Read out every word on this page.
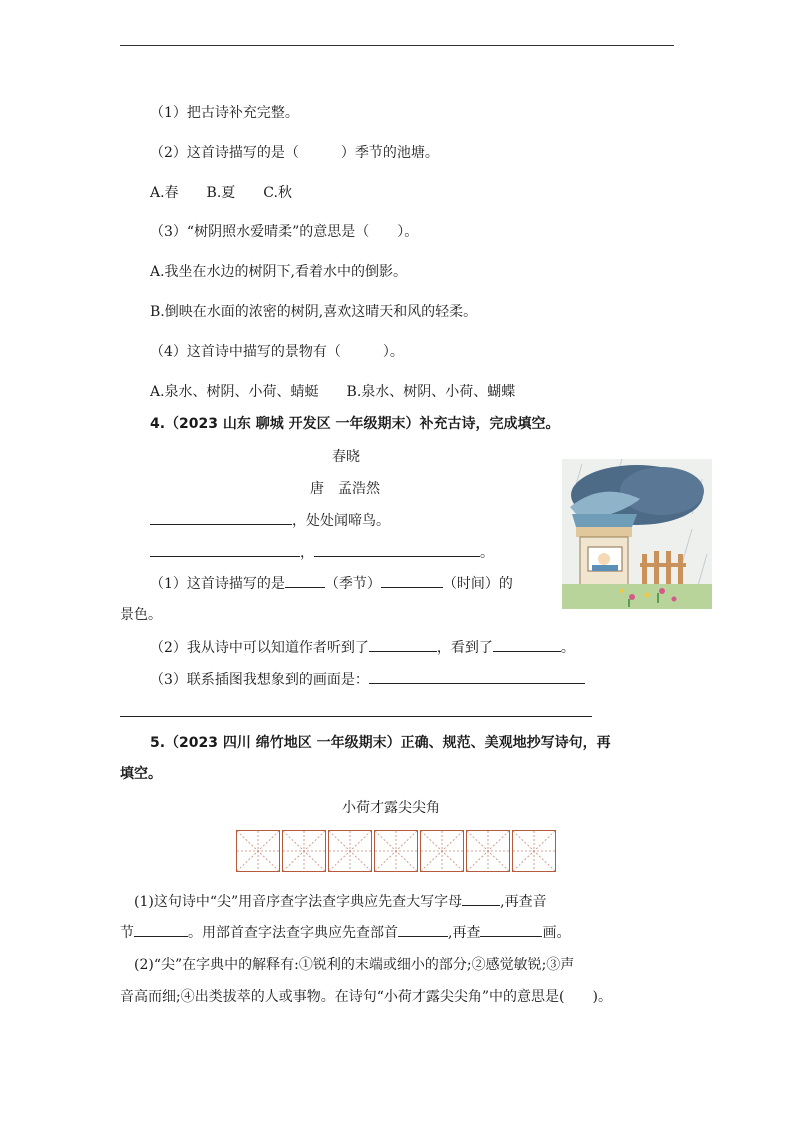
（1）把古诗补充完整。
（2）这首诗描写的是（　　　）季节的池塘。
A.春　　B.夏　　C.秋
（3）“树阴照水爱晴柔”的意思是（　　）。
A.我坐在水边的树阴下,看着水中的倒影。
B.倒映在水面的浓密的树阴,喜欢这晴天和风的轻柔。
（4）这首诗中描写的景物有（　　　）。
A.泉水、树阴、小荷、蜻蜓　　B.泉水、树阴、小荷、蝴蝶
4.（2023 山东 聊城 开发区 一年级期末）补充古诗，完成填空。
春晓
唐　孟浩然
，处处闻啼鸟。
，	。
（1）这首诗描写的是	（季节）	（时间）的
景色。
（2）我从诗中可以知道作者听到了	，看到了	。
（3）联系插图我想象到的画面是：
5.（2023 四川 绵竹地区 一年级期末）正确、规范、美观地抄写诗句，再
填空。
小荷才露尖尖角
(1)这句诗中“尖”用音序查字法查字典应先查大写字母	,再查音
节	。用部首查字法查字典应先查部首	,再查	画。
(2)“尖”在字典中的解释有:①锐利的末端或细小的部分;②感觉敏锐;③声
音高而细;④出类拔萃的人或事物。在诗句“小荷才露尖尖角”中的意思是(　　)。
